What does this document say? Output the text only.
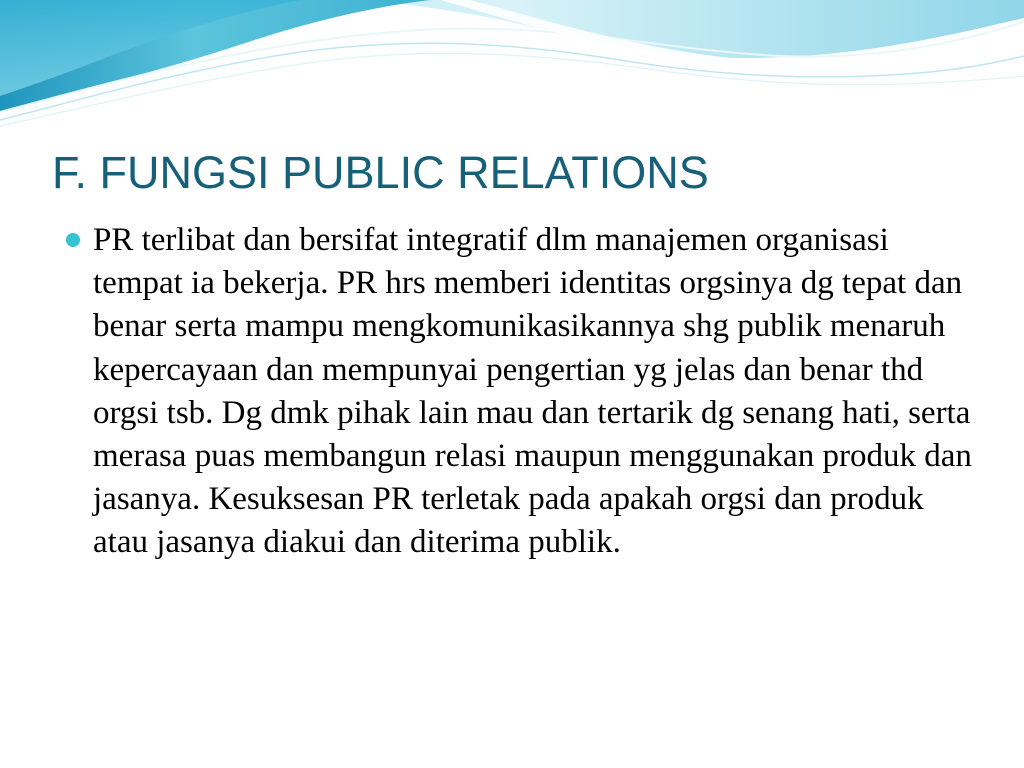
F. FUNGSI PUBLIC RELATIONS
PR terlibat dan bersifat integratif dlm manajemen organisasi tempat ia bekerja. PR hrs memberi identitas orgsinya dg tepat dan benar serta mampu mengkomunikasikannya shg publik menaruh kepercayaan dan mempunyai pengertian yg jelas dan benar thd orgsi tsb. Dg dmk pihak lain mau dan tertarik dg senang hati, serta merasa puas membangun relasi maupun menggunakan produk dan jasanya. Kesuksesan PR terletak pada apakah orgsi dan produk atau jasanya diakui dan diterima publik.
